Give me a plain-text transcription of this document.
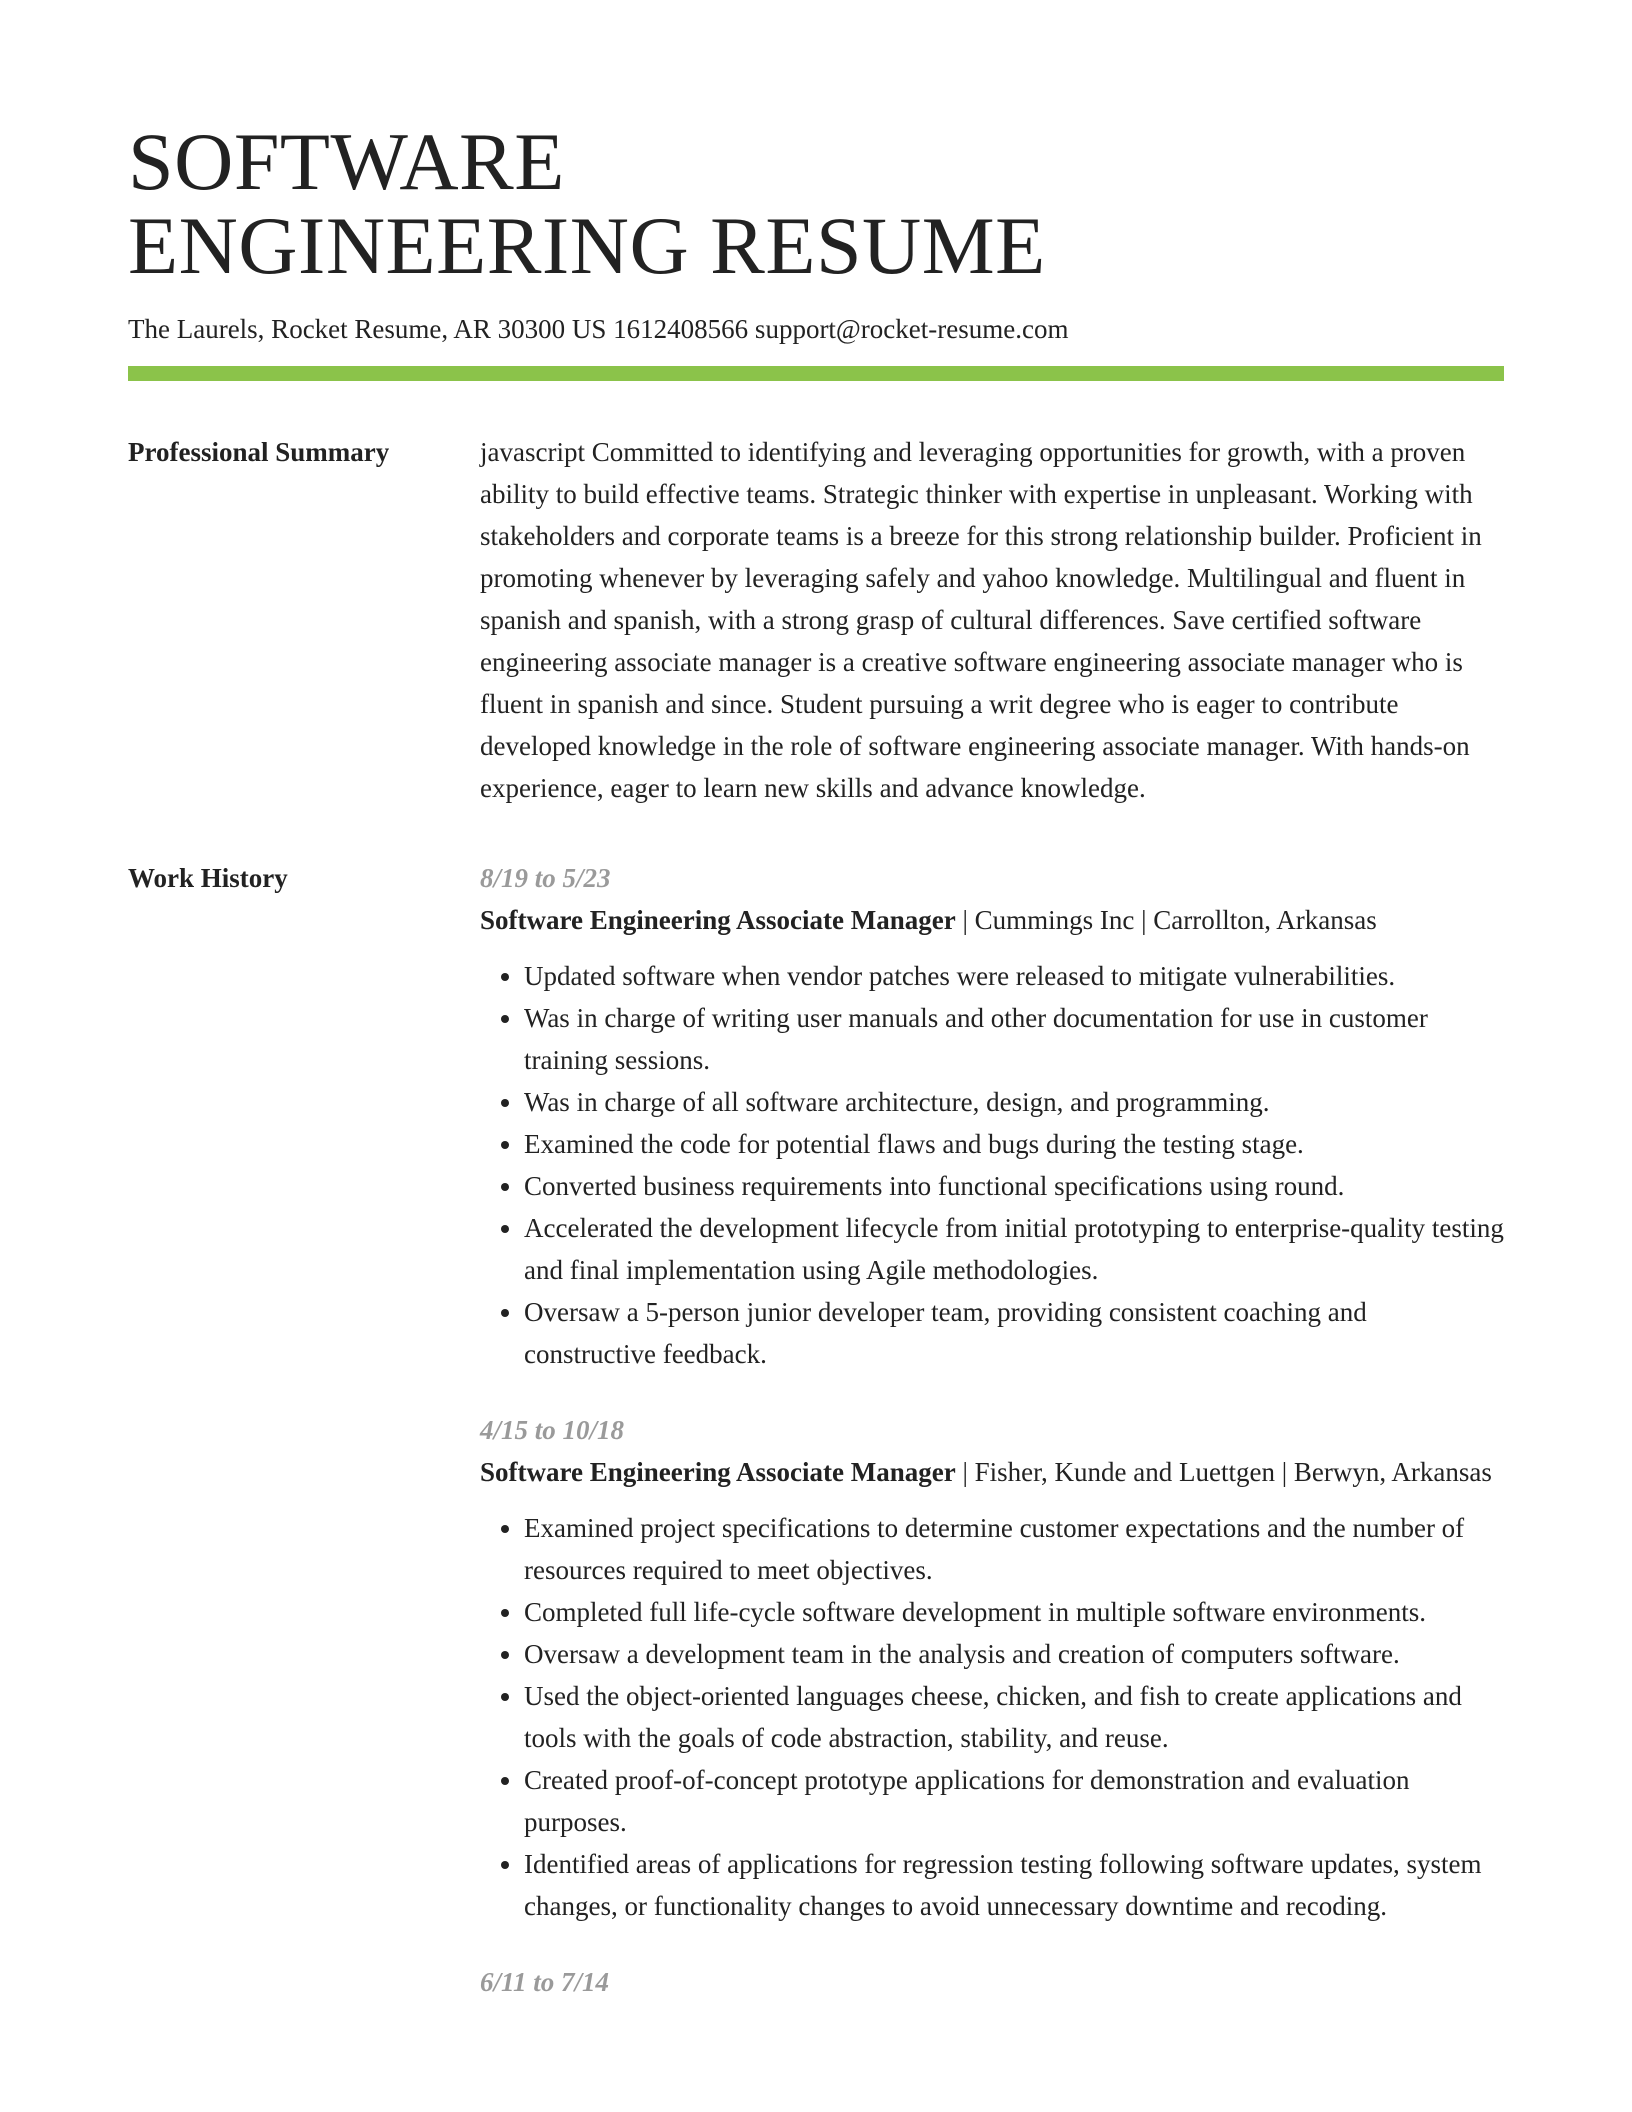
SOFTWARE
ENGINEERING RESUME
The Laurels, Rocket Resume, AR 30300 US 1612408566 support@rocket-resume.com
Professional Summary	javascript Committed to identifying and leveraging opportunities for growth, with a proven ability to build effective teams. Strategic thinker with expertise in unpleasant. Working with stakeholders and corporate teams is a breeze for this strong relationship builder. Proficient in promoting whenever by leveraging safely and yahoo knowledge. Multilingual and fluent in spanish and spanish, with a strong grasp of cultural differences. Save certified software engineering associate manager is a creative software engineering associate manager who is fluent in spanish and since. Student pursuing a writ degree who is eager to contribute developed knowledge in the role of software engineering associate manager. With hands-on experience, eager to learn new skills and advance knowledge.

Work History	8/19 to 5/23
Software Engineering Associate Manager | Cummings Inc | Carrollton, Arkansas
• Updated software when vendor patches were released to mitigate vulnerabilities.
• Was in charge of writing user manuals and other documentation for use in customer training sessions.
• Was in charge of all software architecture, design, and programming.
• Examined the code for potential flaws and bugs during the testing stage.
• Converted business requirements into functional specifications using round.
• Accelerated the development lifecycle from initial prototyping to enterprise-quality testing and final implementation using Agile methodologies.
• Oversaw a 5-person junior developer team, providing consistent coaching and constructive feedback.
4/15 to 10/18
Software Engineering Associate Manager | Fisher, Kunde and Luettgen | Berwyn, Arkansas
• Examined project specifications to determine customer expectations and the number of resources required to meet objectives.
• Completed full life-cycle software development in multiple software environments.
• Oversaw a development team in the analysis and creation of computers software.
• Used the object-oriented languages cheese, chicken, and fish to create applications and tools with the goals of code abstraction, stability, and reuse.
• Created proof-of-concept prototype applications for demonstration and evaluation purposes.
• Identified areas of applications for regression testing following software updates, system changes, or functionality changes to avoid unnecessary downtime and recoding.
6/11 to 7/14
